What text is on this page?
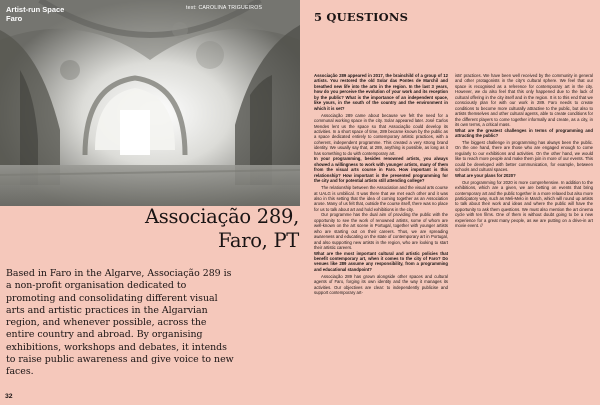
Artist-run Space
Faro
text: CAROLINA TRIGUEIROS
Associação 289,
Faro, PT
Based in Faro in the Algarve, Associação 289 is a non-profit organisation dedicated to promoting and consolidating different visual arts and artistic practices in the Algarvian region, and whenever possible, across the entire country and abroad. By organising exhibitions, workshops and debates, it intends to raise public awareness and give voice to new faces.
32
5 QUESTIONS

Associação 289 appeared in 2017, the brainchild of a group of 12 artists. You restored the old Solar das Pontes de Marchil and breathed new life into the arts in the region. In the last 3 years, how do you perceive the evolution of your work and its reception by the public? What is the importance of an independent space, like yours, in the south of the country and the environment in which it is set?

Associação 289 came about because we felt the need for a communal working space in the city. Solar appeared later. José Carlos Mendes lent us the space so that Associação could develop its activities. In a short space of time, 289 became known by the public as a space dedicated entirely to contemporary artistic practices, with a coherent, independent programme. This created a very strong brand identity. We usually say that, at 289, anything is possible, as long as it has something to do with contemporary art.

In your programming, besides renowned artists, you always showed a willingness to work with younger artists, many of them from the visual arts course in Faro. How important is this relationship? How important is the presented programming for the city and for potential artists still attending college?

The relationship between the Association and the visual arts course at UALG is umbilical. It was there that we met each other and it was also in this setting that the idea of coming together as an Association arose. Many of us felt that, outside the course itself, there was no place for us to talk about art and hold exhibitions in the city.

Our programme has the dual aim of providing the public with the opportunity to see the work of renowned artists, some of whom are well-known on the art scene in Portugal, together with younger artists who are starting out on their careers. Thus, we are spreading awareness and educating on the state of contemporary art in Portugal, and also supporting new artists in the region, who are looking to start their artistic careers.

What are the most important cultural and artistic policies that benefit contemporary art, when it comes to the city of Faro? Do venues like 289 assume any responsibility, from a programming and educational standpoint?

Associação 289 has grown alongside other spaces and cultural agents of Faro, forging its own identity and the way it manages its activities. Our objectives are clear: to independently publicise and support contemporary art-

ists' practices. We have been well received by the community in general and other protagonists in the city's cultural sphere. We feel that our space is recognised as a reference for contemporary art in the city. However, we do also feel that this only happened due to the lack of cultural offering in the city itself and in the region. It is to this end that we consciously plan for with our work in 289. Faro needs to create conditions to become more culturally attractive to the public, but also to artists themselves and other cultural agents, able to create conditions for the different players to come together informally and create, as a city, in its own terms, a critical mass.

What are the greatest challenges in terms of programming and attracting the public?

The biggest challenge in programming has always been the public. On the one hand, there are those who are engaged enough to come regularly to our exhibitions and activities. On the other hand, we would like to reach more people and make them join in more of our events. This could be developed with better communication, for example, between schools and cultural spaces.

What are your plans for 2020?

Our programming for 2020 is more comprehensive. In addition to the exhibitions, which are a given, we are betting on events that bring contemporary art and the public together in a more relaxed but also more participatory way, such as Meli-Melo in March, which will round up artists to talk about their work and ideas and where the public will have the opportunity to ask them questions. We must also mention the art cinema cycle with ten films. One of them is without doubt going to be a new experience for a great many people, as we are putting on a drive-in art movie event. //
